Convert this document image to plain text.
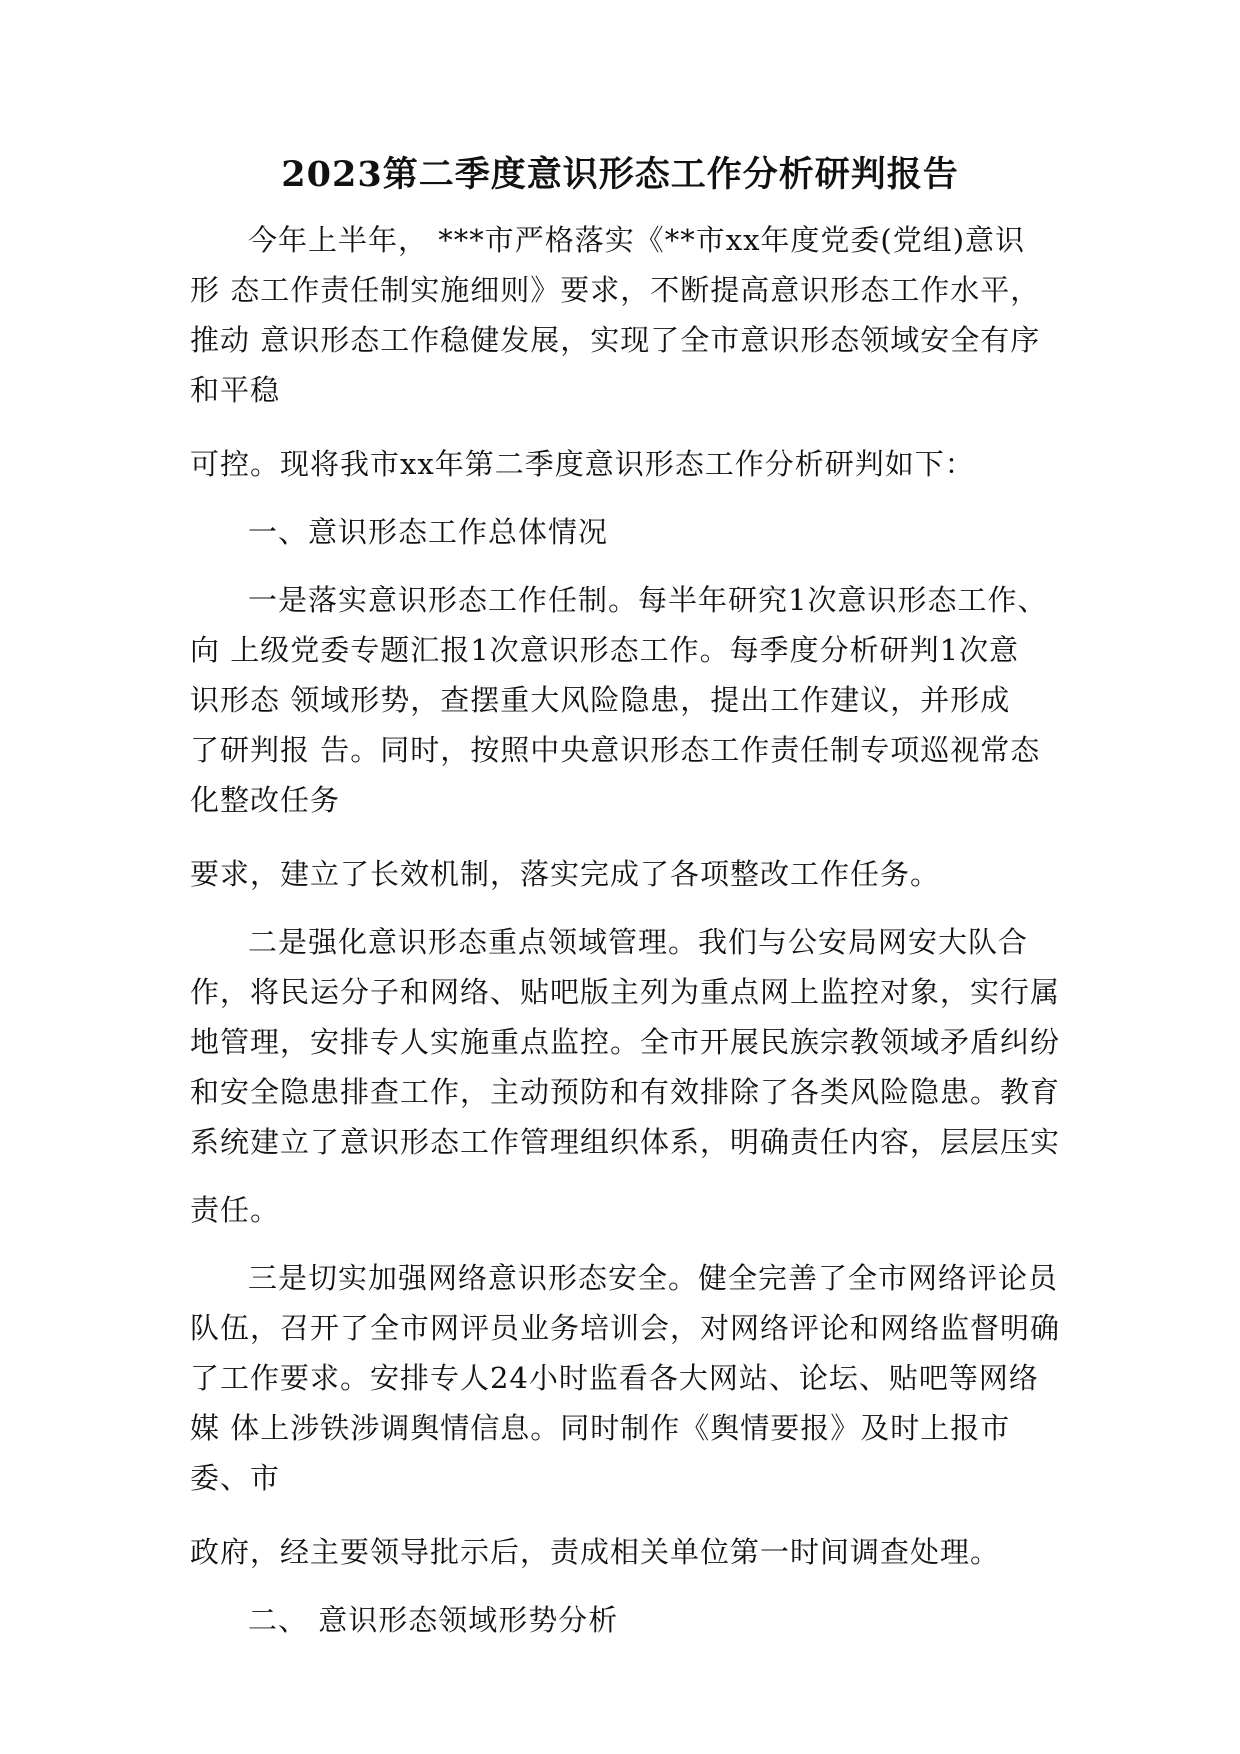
2023第二季度意识形态工作分析研判报告
今年上半年， ***市严格落实《**市xx年度党委(党组)意识
形 态工作责任制实施细则》要求，不断提高意识形态工作水平，
推动 意识形态工作稳健发展，实现了全市意识形态领域安全有序
和平稳
可控。现将我市xx年第二季度意识形态工作分析研判如下：
一、意识形态工作总体情况
一是落实意识形态工作任制。每半年研究1次意识形态工作、
向 上级党委专题汇报1次意识形态工作。每季度分析研判1次意
识形态 领域形势，查摆重大风险隐患，提出工作建议，并形成
了研判报 告。同时，按照中央意识形态工作责任制专项巡视常态
化整改任务
要求，建立了长效机制，落实完成了各项整改工作任务。
二是强化意识形态重点领域管理。我们与公安局网安大队合
作，将民运分子和网络、贴吧版主列为重点网上监控对象，实行属
地管理，安排专人实施重点监控。全市开展民族宗教领域矛盾纠纷
和安全隐患排查工作，主动预防和有效排除了各类风险隐患。教育
系统建立了意识形态工作管理组织体系，明确责任内容，层层压实
责任。
三是切实加强网络意识形态安全。健全完善了全市网络评论员
队伍，召开了全市网评员业务培训会，对网络评论和网络监督明确
了工作要求。安排专人24小时监看各大网站、论坛、贴吧等网络
媒 体上涉铁涉调舆情信息。同时制作《舆情要报》及时上报市
委、市
政府，经主要领导批示后，责成相关单位第一时间调查处理。
二、 意识形态领域形势分析
